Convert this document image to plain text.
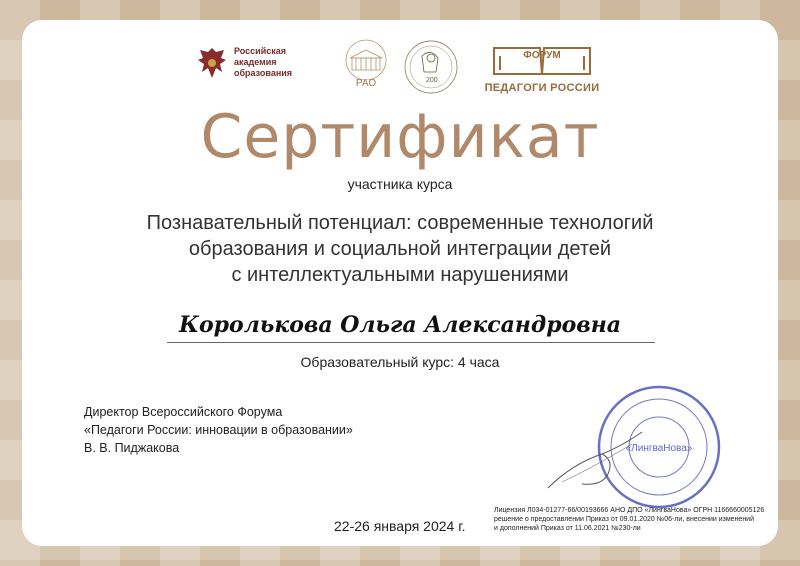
Российская академия образования
РАО	200
ФОРУМ
ПЕДАГОГИ РОССИИ
Сертификат
участника курса
Познавательный потенциал: современные технологий
образования и социальной интеграции детей
с интеллектуальными нарушениями
Королькова Ольга Александровна
Образовательный курс: 4 часа
Директор Всероссийского Форума
«Педагоги России: инновации в образовании»
В. В. Пиджакова	«ЛингваНова»
22-26 января 2024 г.
Лицензия Л034-01277-66/00193666 АНО ДПО «ЛингваНова» ОГРН 1166660005126
решение о предоставлении Приказ от 09.01.2020 №06-ли, внесении изменений
и дополнений Приказ от 11.06.2021 №230-ли
